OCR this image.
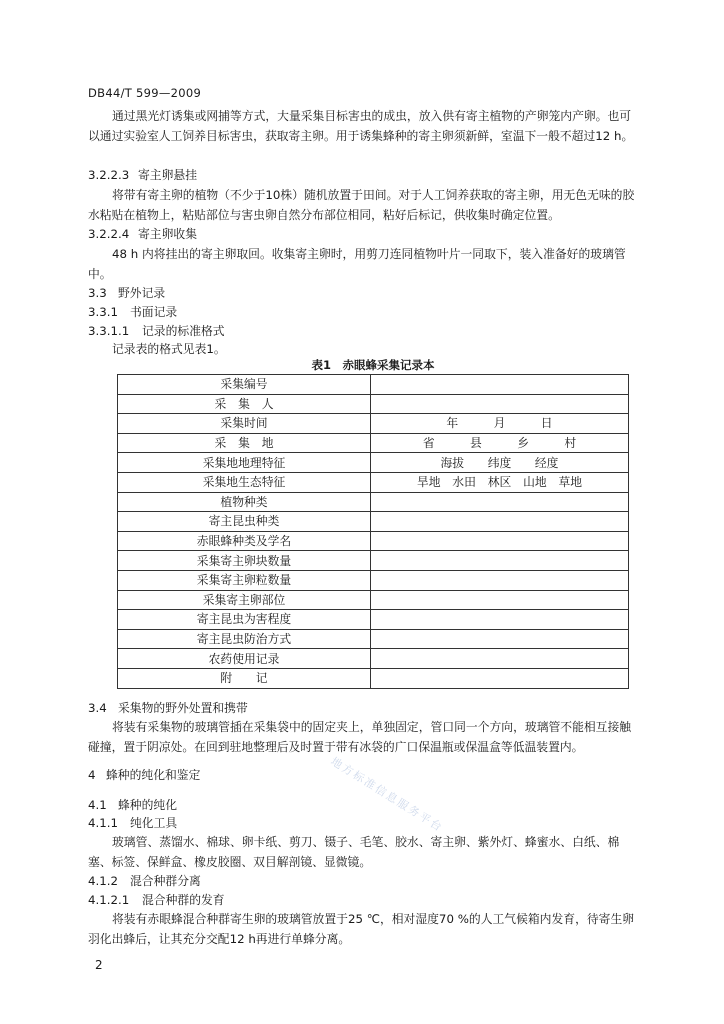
DB44/T 599—2009
通过黑光灯诱集或网捕等方式，大量采集目标害虫的成虫，放入供有寄主植物的产卵笼内产卵。也可以通过实验室人工饲养目标害虫，获取寄主卵。用于诱集蜂种的寄主卵须新鲜，室温下一般不超过12 h。
3.2.2.3 寄主卵悬挂
将带有寄主卵的植物（不少于10株）随机放置于田间。对于人工饲养获取的寄主卵，用无色无味的胶水粘贴在植物上，粘贴部位与害虫卵自然分布部位相同，粘好后标记，供收集时确定位置。
3.2.2.4 寄主卵收集
48 h 内将挂出的寄主卵取回。收集寄主卵时，用剪刀连同植物叶片一同取下，装入准备好的玻璃管中。
3.3 野外记录
3.3.1 书面记录
3.3.1.1 记录的标准格式
记录表的格式见表1。
表1　赤眼蜂采集记录本
采集编号	
采　集　人	
采集时间	年　　　月　　　日
采　集　地	省　　　县　　　乡　　　村
采集地地理特征	海拔　　纬度　　经度
采集地生态特征	旱地　水田　林区　山地　草地
植物种类	
寄主昆虫种类	
赤眼蜂种类及学名	
采集寄主卵块数量	
采集寄主卵粒数量	
采集寄主卵部位	
寄主昆虫为害程度	
寄主昆虫防治方式	
农药使用记录	
附　　记	
3.4 采集物的野外处置和携带
将装有采集物的玻璃管插在采集袋中的固定夹上，单独固定，管口同一个方向，玻璃管不能相互接触碰撞，置于阴凉处。在回到驻地整理后及时置于带有冰袋的广口保温瓶或保温盒等低温装置内。
4 蜂种的纯化和鉴定
4.1 蜂种的纯化
4.1.1 纯化工具
玻璃管、蒸馏水、棉球、卵卡纸、剪刀、镊子、毛笔、胶水、寄主卵、紫外灯、蜂蜜水、白纸、棉塞、标签、保鲜盒、橡皮胶圈、双目解剖镜、显微镜。
4.1.2 混合种群分离
4.1.2.1 混合种群的发育
将装有赤眼蜂混合种群寄生卵的玻璃管放置于25 ℃，相对湿度70 %的人工气候箱内发育，待寄生卵羽化出蜂后，让其充分交配12 h再进行单蜂分离。
2
地方标准信息服务平台
